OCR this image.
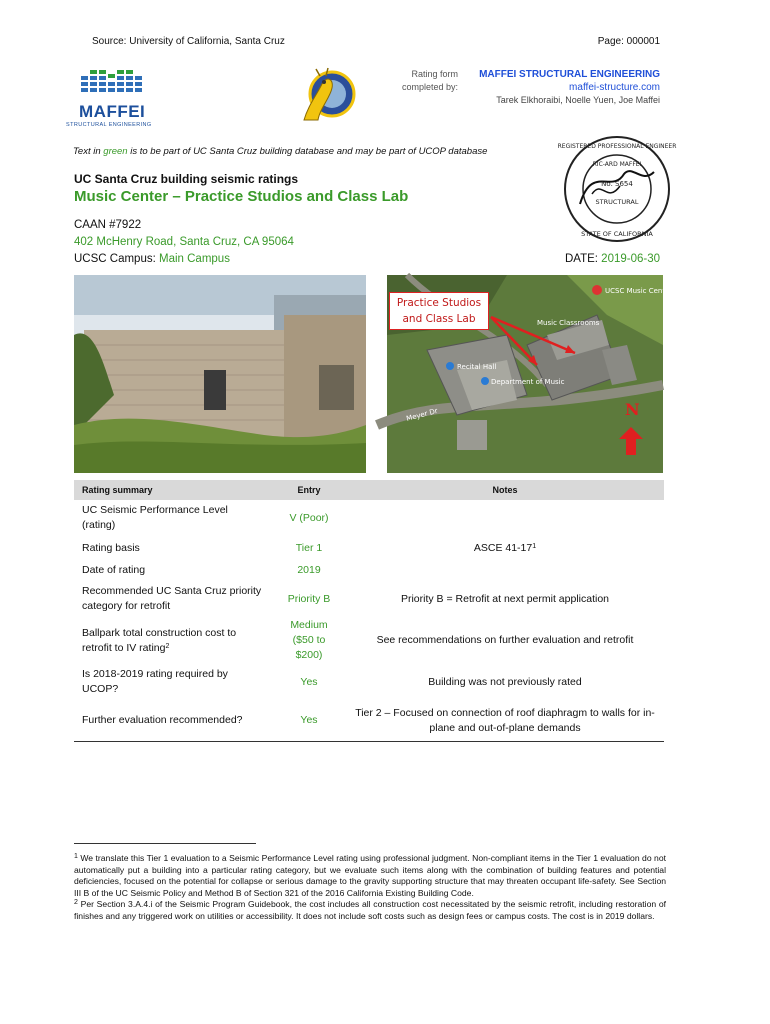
Source: University of California, Santa Cruz	Page: 000001
MAFFEI
STRUCTURAL ENGINEERING
Rating form
completed by:
MAFFEI STRUCTURAL ENGINEERING
maffei-structure.com
Tarek Elkhoraibi, Noelle Yuen, Joe Maffei
No. S654
STRUCTURAL
REGISTERED PROFESSIONAL ENGINEER
STATE OF CALIFORNIA
RIC-ARD MAFFEI
Text in green is to be part of UC Santa Cruz building database and may be part of UCOP database
UC Santa Cruz building seismic ratings
Music Center – Practice Studios and Class Lab
CAAN #7922
402 McHenry Road, Santa Cruz, CA 95064
UCSC Campus: Main Campus	DATE: 2019-06-30
UCSC Music Center
Music Classrooms
Recital Hall
Department of Music
Meyer Dr	N
Practice Studios
and Class Lab
Rating summary	Entry	Notes
UC Seismic Performance Level (rating)	V (Poor)	
Rating basis	Tier 1	ASCE $41-17^1$
Date of rating	2019	
Recommended UC Santa Cruz priority category for retrofit	Priority B	Priority B = Retrofit at next permit application
Ballpark total construction cost to retrofit to IV rating$^2$	Medium ($50 to $200)	See recommendations on further evaluation and retrofit
Is 2018-2019 rating required by UCOP?	Yes	Building was not previously rated
Further evaluation recommended?	Yes	Tier 2 – Focused on connection of roof diaphragm to walls for in-plane and out-of-plane demands

$^1$ We translate this Tier 1 evaluation to a Seismic Performance Level rating using professional judgment. Non-compliant items in the Tier 1 evaluation do not automatically put a building into a particular rating category, but we evaluate such items along with the combination of building features and potential deficiencies, focused on the potential for collapse or serious damage to the gravity supporting structure that may threaten occupant life-safety. See Section III B of the UC Seismic Policy and Method B of Section 321 of the 2016 California Existing Building Code.

$^2$ Per Section 3.A.4.i of the Seismic Program Guidebook, the cost includes all construction cost necessitated by the seismic retrofit, including restoration of finishes and any triggered work on utilities or accessibility. It does not include soft costs such as design fees or campus costs. The cost is in 2019 dollars.
